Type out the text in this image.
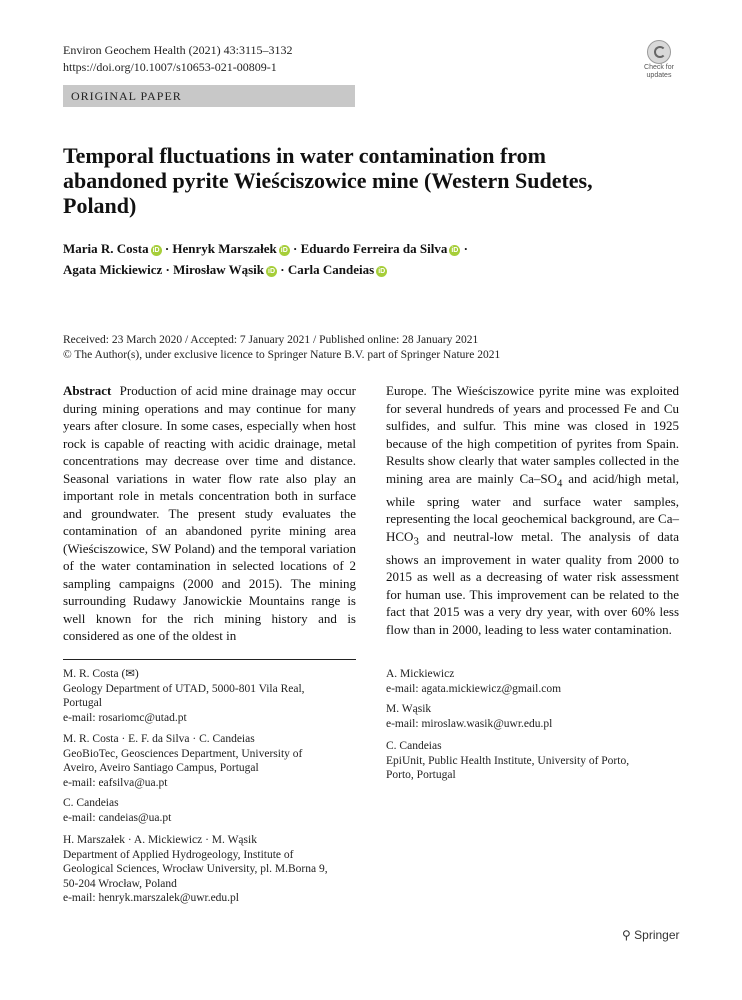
Environ Geochem Health (2021) 43:3115–3132
https://doi.org/10.1007/s10653-021-00809-1	Check for
updates
ORIGINAL PAPER
Temporal fluctuations in water contamination from abandoned pyrite Wieściszowice mine (Western Sudetes, Poland)
Maria R. Costa iD · Henryk Marszałek iD · Eduardo Ferreira da Silva iD ·
Agata Mickiewicz · Mirosław Wąsik iD · Carla Candeias iD
Received: 23 March 2020 / Accepted: 7 January 2021 / Published online: 28 January 2021
© The Author(s), under exclusive licence to Springer Nature B.V. part of Springer Nature 2021
Abstract Production of acid mine drainage may occur during mining operations and may continue for many years after closure. In some cases, especially when host rock is capable of reacting with acidic drainage, metal concentrations may decrease over time and distance. Seasonal variations in water flow rate also play an important role in metals concentration both in surface and groundwater. The present study evaluates the contamination of an abandoned pyrite mining area (Wieściszowice, SW Poland) and the temporal variation of the water contamination in selected locations of 2 sampling campaigns (2000 and 2015). The mining surrounding Rudawy Janowickie Mountains range is well known for the rich mining history and is considered as one of the oldest in
Europe. The Wieściszowice pyrite mine was exploited for several hundreds of years and processed Fe and Cu sulfides, and sulfur. This mine was closed in 1925 because of the high competition of pyrites from Spain. Results show clearly that water samples collected in the mining area are mainly $Ca-SO_4$ and acid/high metal, while spring water and surface water samples, representing the local geochemical background, are $Ca-HCO_3$ and neutral-low metal. The analysis of data shows an improvement in water quality from 2000 to 2015 as well as a decreasing of water risk assessment for human use. This improvement can be related to the fact that 2015 was a very dry year, with over 60% less flow than in 2000, leading to less water contamination.
M. R. Costa (✉)
Geology Department of UTAD, 5000-801 Vila Real,
Portugal
e-mail: rosariomc@utad.pt
M. R. Costa · E. F. da Silva · C. Candeias
GeoBioTec, Geosciences Department, University of
Aveiro, Aveiro Santiago Campus, Portugal
e-mail: eafsilva@ua.pt
C. Candeias
e-mail: candeias@ua.pt
H. Marszałek · A. Mickiewicz · M. Wąsik
Department of Applied Hydrogeology, Institute of
Geological Sciences, Wrocław University, pl. M.Borna 9,
50-204 Wrocław, Poland
e-mail: henryk.marszalek@uwr.edu.pl
A. Mickiewicz
e-mail: agata.mickiewicz@gmail.com
M. Wąsik
e-mail: miroslaw.wasik@uwr.edu.pl
C. Candeias
EpiUnit, Public Health Institute, University of Porto,
Porto, Portugal
⚲ Springer
